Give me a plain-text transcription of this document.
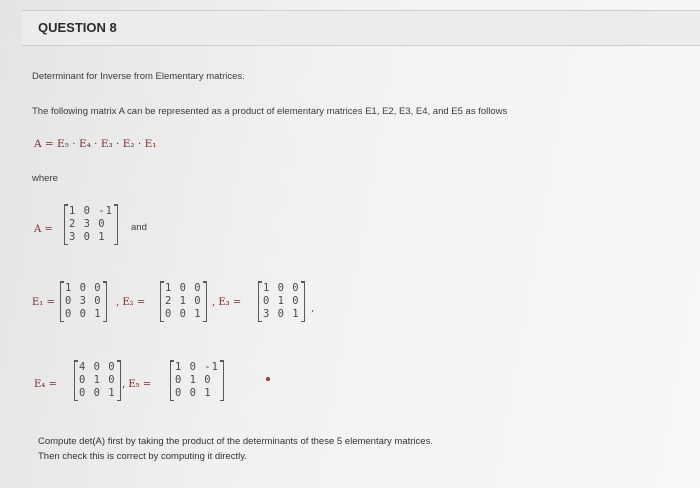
QUESTION 8
Determinant for Inverse from Elementary matrices.
The following matrix A can be represented as a product of elementary matrices E1, E2, E3, E4, and E5 as follows
A = E₅ · E₄ · E₃ · E₂ · E₁
where
A =
1 0 -1
2 3 0
3 0 1
and
E₁ =
1 0 0
0 3 0
0 0 1
, E₂ =
1 0 0
2 1 0
0 0 1
, E₃ =
1 0 0
0 1 0
3 0 1 ,
E₄ =
4 0 0
0 1 0
0 0 1
, E₅ =
1 0 -1
0 1 0
0 0 1
Compute det(A) first by taking the product of the determinants of these 5 elementary matrices.
Then check this is correct by computing it directly.
